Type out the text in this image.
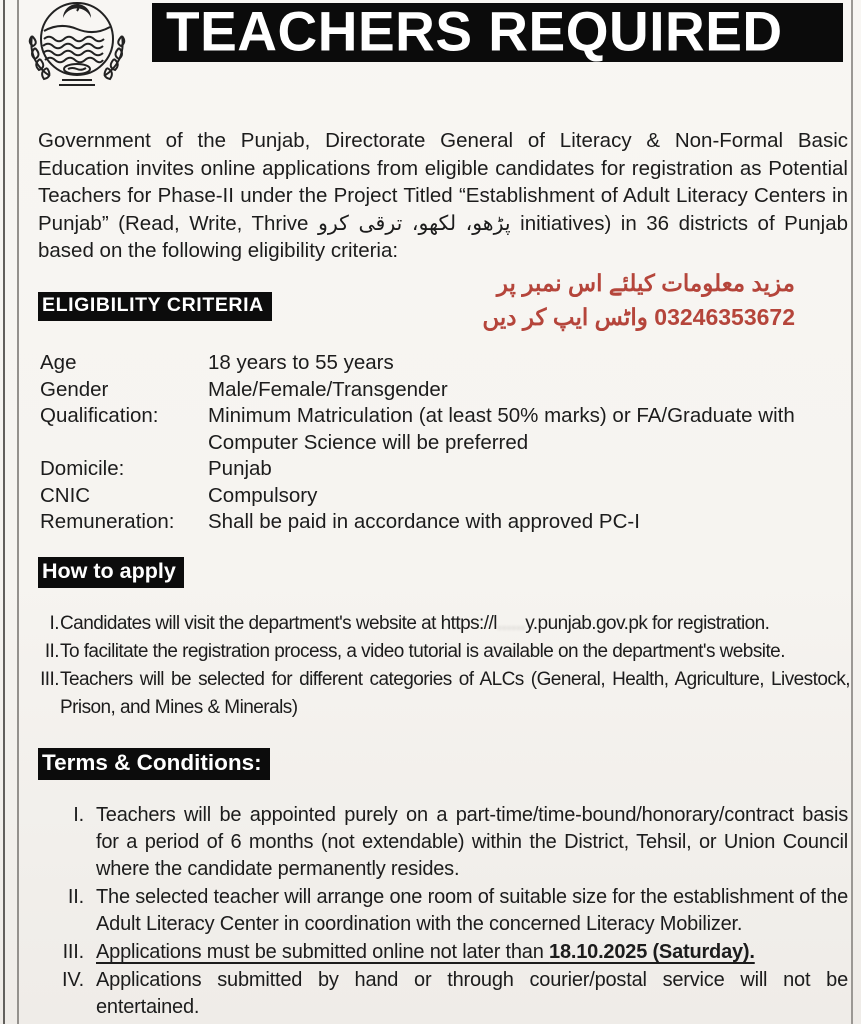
TEACHERS REQUIRED
Government of the Punjab, Directorate General of Literacy & Non-Formal Basic Education invites online applications from eligible candidates for registration as Potential Teachers for Phase-II under the Project Titled “Establishment of Adult Literacy Centers in Punjab” (Read, Write, Thrive پڑھو، لکھو، ترقی کرو initiatives) in 36 districts of Punjab based on the following eligibility criteria:
مزید معلومات کیلئے اس نمبر پر
03246353672 واٹس ایپ کر دیں
ELIGIBILITY CRITERIA
Age	18 years to 55 years
Gender	Male/Female/Transgender
Qualification:	Minimum Matriculation (at least 50% marks) or FA/Graduate with Computer Science will be preferred
Domicile:	Punjab
CNIC	Compulsory
Remuneration:	Shall be paid in accordance with approved PC-I
How to apply
I. Candidates will visit the department's website at https://l......y.punjab.gov.pk for registration.
II. To facilitate the registration process, a video tutorial is available on the department's website.
III. Teachers will be selected for different categories of ALCs (General, Health, Agriculture, Livestock, Prison, and Mines & Minerals)
Terms & Conditions:
I. Teachers will be appointed purely on a part-time/time-bound/honorary/contract basis for a period of 6 months (not extendable) within the District, Tehsil, or Union Council where the candidate permanently resides.
II. The selected teacher will arrange one room of suitable size for the establishment of the Adult Literacy Center in coordination with the concerned Literacy Mobilizer.
III. Applications must be submitted online not later than 18.10.2025 (Saturday).
IV. Applications submitted by hand or through courier/postal service will not be entertained.
